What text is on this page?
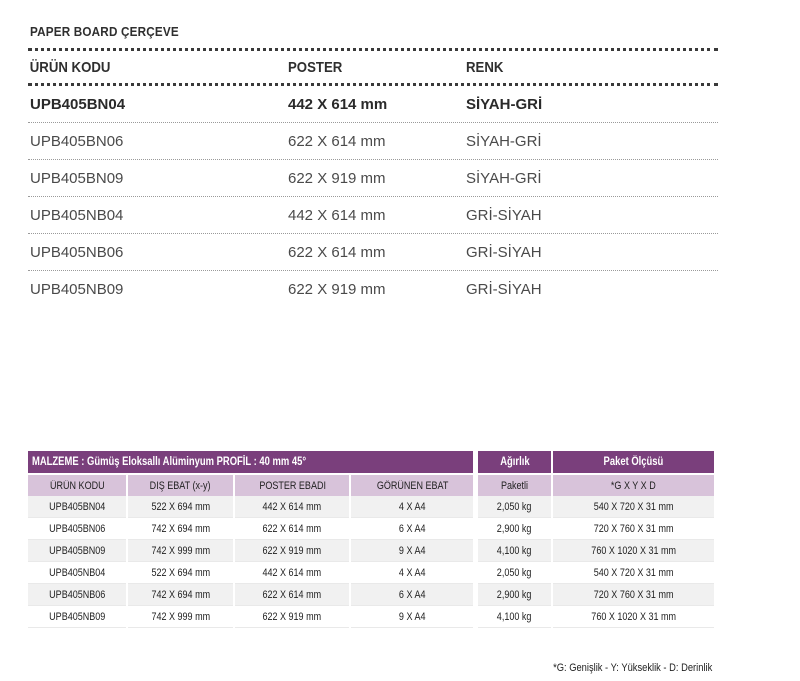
PAPER BOARD ÇERÇEVE
ÜRÜN KODU	POSTER	RENK
UPB405BN04	442 X 614 mm	SİYAH-GRİ
UPB405BN06	622 X 614 mm	SİYAH-GRİ
UPB405BN09	622 X 919 mm	SİYAH-GRİ
UPB405NB04	442 X 614 mm	GRİ-SİYAH
UPB405NB06	622 X 614 mm	GRİ-SİYAH
UPB405NB09	622 X 919 mm	GRİ-SİYAH
MALZEME : Gümüş Eloksallı Alüminyum PROFİL : 40 mm 45°			
ÜRÜN KODU	DIŞ EBAT (x-y)	POSTER EBADI	GÖRÜNEN EBAT
UPB405BN04	522 X 694 mm	442 X 614 mm	4 X A4
UPB405BN06	742 X 694 mm	622 X 614 mm	6 X A4
UPB405BN09	742 X 999 mm	622 X 919 mm	9 X A4
UPB405NB04	522 X 694 mm	442 X 614 mm	4 X A4
UPB405NB06	742 X 694 mm	622 X 614 mm	6 X A4
UPB405NB09	742 X 999 mm	622 X 919 mm	9 X A4
Ağırlık	Paket Ölçüsü
Paketli	*G X Y X D
2,050 kg	540 X 720 X 31 mm
2,900 kg	720 X 760 X 31 mm
4,100 kg	760 X 1020 X 31 mm
2,050 kg	540 X 720 X 31 mm
2,900 kg	720 X 760 X 31 mm
4,100 kg	760 X 1020 X 31 mm
*G: Genişlik - Y: Yükseklik - D: Derinlik
